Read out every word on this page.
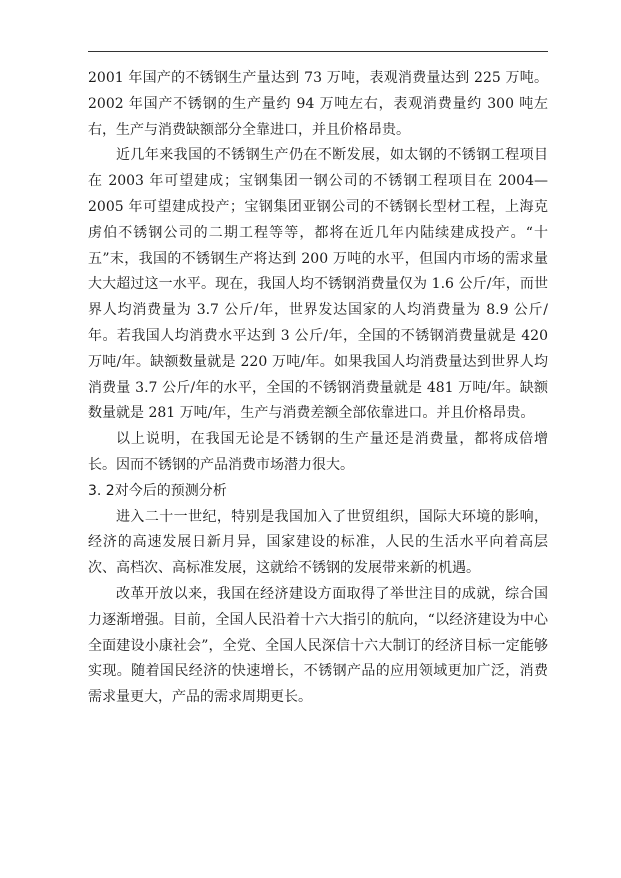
2001 年国产的不锈钢生产量达到 73 万吨，表观消费量达到 225 万吨。2002 年国产不锈钢的生产量约 94 万吨左右，表观消费量约 300 吨左右，生产与消费缺额部分全靠进口，并且价格昂贵。

近几年来我国的不锈钢生产仍在不断发展，如太钢的不锈钢工程项目在 2003 年可望建成；宝钢集团一钢公司的不锈钢工程项目在 2004—2005 年可望建成投产；宝钢集团亚钢公司的不锈钢长型材工程，上海克虏伯不锈钢公司的二期工程等等，都将在近几年内陆续建成投产。“十五”末，我国的不锈钢生产将达到 200 万吨的水平，但国内市场的需求量大大超过这一水平。现在，我国人均不锈钢消费量仅为 1.6 公斤/年，而世界人均消费量为 3.7 公斤/年，世界发达国家的人均消费量为 8.9 公斤/年。若我国人均消费水平达到 3 公斤/年，全国的不锈钢消费量就是 420 万吨/年。缺额数量就是 220 万吨/年。如果我国人均消费量达到世界人均消费量 3.7 公斤/年的水平，全国的不锈钢消费量就是 481 万吨/年。缺额数量就是 281 万吨/年，生产与消费差额全部依靠进口。并且价格昂贵。

以上说明，在我国无论是不锈钢的生产量还是消费量，都将成倍增长。因而不锈钢的产品消费市场潜力很大。

3. 2对今后的预测分析

进入二十一世纪，特别是我国加入了世贸组织，国际大环境的影响，经济的高速发展日新月异，国家建设的标准，人民的生活水平向着高层次、高档次、高标准发展，这就给不锈钢的发展带来新的机遇。

改革开放以来，我国在经济建设方面取得了举世注目的成就，综合国力逐渐增强。目前，全国人民沿着十六大指引的航向，“以经济建设为中心全面建设小康社会”，全党、全国人民深信十六大制订的经济目标一定能够实现。随着国民经济的快速增长，不锈钢产品的应用领域更加广泛，消费需求量更大，产品的需求周期更长。
